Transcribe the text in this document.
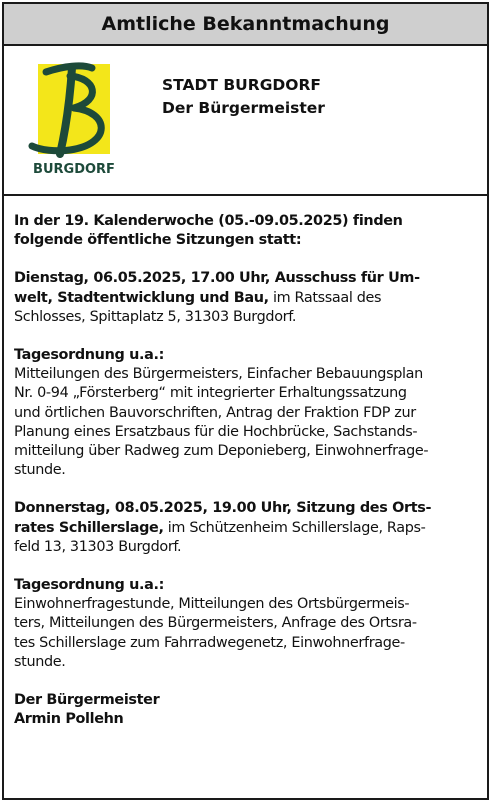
Amtliche Bekanntmachung
BURGDORF
STADT BURGDORF
Der Bürgermeister

In der 19. Kalenderwoche (05.-09.05.2025) finden

folgende öffentliche Sitzungen statt:

Dienstag, 06.05.2025, 17.00 Uhr, Ausschuss für Um-

welt, Stadtentwicklung und Bau, im Ratssaal des

Schlosses, Spittaplatz 5, 31303 Burgdorf.

Tagesordnung u.a.:

Mitteilungen des Bürgermeisters, Einfacher Bebauungsplan

Nr. 0-94 „Försterberg“ mit integrierter Erhaltungssatzung

und örtlichen Bauvorschriften, Antrag der Fraktion FDP zur

Planung eines Ersatzbaus für die Hochbrücke, Sachstands-

mitteilung über Radweg zum Deponieberg, Einwohnerfrage-

stunde.

Donnerstag, 08.05.2025, 19.00 Uhr, Sitzung des Orts-

rates Schillerslage, im Schützenheim Schillerslage, Raps-

feld 13, 31303 Burgdorf.

Tagesordnung u.a.:

Einwohnerfragestunde, Mitteilungen des Ortsbürgermeis-

ters, Mitteilungen des Bürgermeisters, Anfrage des Ortsra-

tes Schillerslage zum Fahrradwegenetz, Einwohnerfrage-

stunde.

Der Bürgermeister

Armin Pollehn
